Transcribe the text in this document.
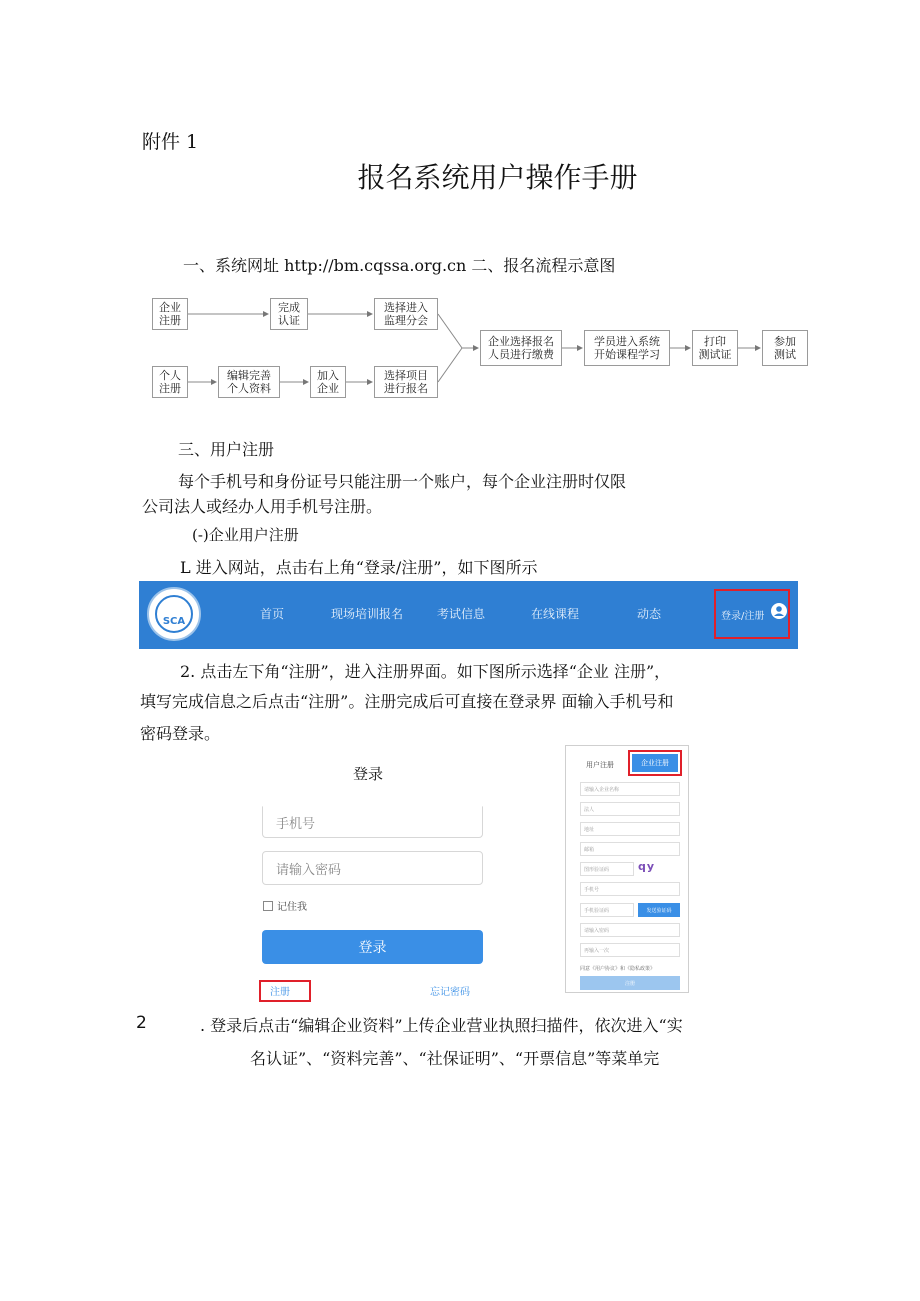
附件 1
报名系统用户操作手册
一、系统网址 http://bm.cqssa.org.cn 二、报名流程示意图
企业
注册
完成
认证
选择进入
监理分会
个人
注册
编辑完善
个人资料
加入
企业
选择项目
进行报名
企业选择报名
人员进行缴费
学员进入系统
开始课程学习
打印
测试证
参加
测试
三、用户注册
每个手机号和身份证号只能注册一个账户，每个企业注册时仅限
公司法人或经办人用手机号注册。
(-)企业用户注册
L 进入网站，点击右上角“登录/注册”，如下图所示
SCA
首页	现场培训报名	考试信息	在线课程	动态	登录/注册
2. 点击左下角“注册”，进入注册界面。如下图所示选择“企业 注册”，
填写完成信息之后点击“注册”。注册完成后可直接在登录界 面输入手机号和
密码登录。
登录
手机号
请输入密码
记住我
登录
注册	忘记密码
用户注册	企业注册
请输入企业名称
法人
地址
邮箱
图形验证码	qy
手机号
手机验证码	发送验证码
请输入密码
再输入一次
同意《用户协议》和《隐私政策》
注册
2	. 登录后点击“编辑企业资料”上传企业营业执照扫描件，依次进入“实
名认证”、“资料完善”、“社保证明”、“开票信息”等菜单完
